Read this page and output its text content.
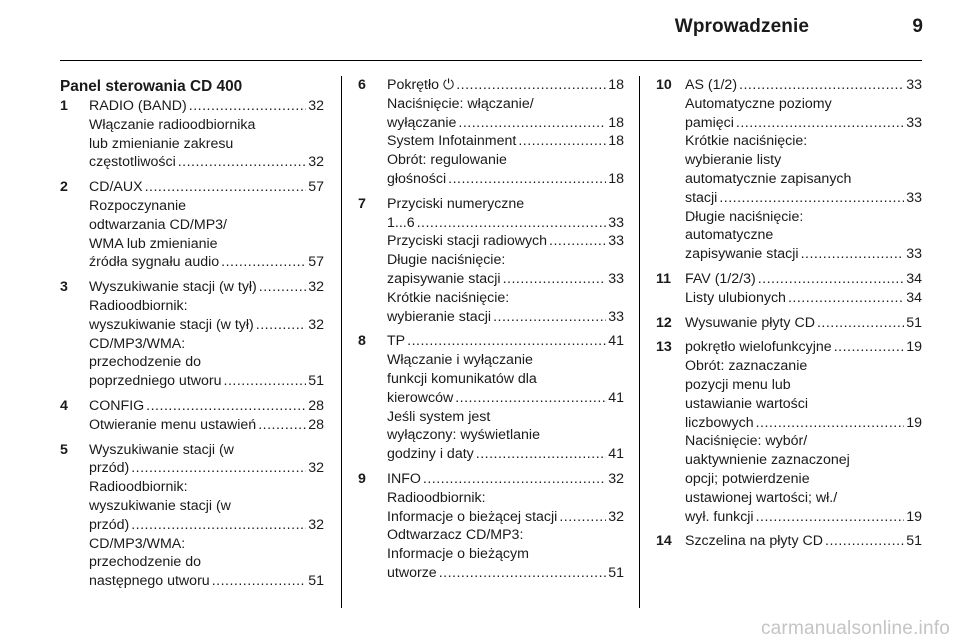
Wprowadzenie	9
Panel sterowania CD 400
1	RADIO (BAND) .....	32
Włączanie radioodbiornika
lub zmienianie zakresu
częstotliwości .....	32
2	CD/AUX .....	57
Rozpoczynanie
odtwarzania CD/MP3/
WMA lub zmienianie
źródła sygnału audio .....	57
3	Wyszukiwanie stacji (w tył) .....	32
Radioodbiornik:
wyszukiwanie stacji (w tył) .....	32
CD/MP3/WMA:
przechodzenie do
poprzedniego utworu .....	51
4	CONFIG .....	28
Otwieranie menu ustawień .....	28
5	Wyszukiwanie stacji (w
przód) .....	32
Radioodbiornik:
wyszukiwanie stacji (w
przód) .....	32
CD/MP3/WMA:
przechodzenie do
następnego utworu .....	51
6	Pokrętło ⏻ .....	18
Naciśnięcie: włączanie/
wyłączanie .....	18
System Infotainment .....	18
Obrót: regulowanie
głośności .....	18
7	Przyciski numeryczne
1...6 .....	33
Przyciski stacji radiowych .....	33
Długie naciśnięcie:
zapisywanie stacji .....	33
Krótkie naciśnięcie:
wybieranie stacji .....	33
8	TP .....	41
Włączanie i wyłączanie
funkcji komunikatów dla
kierowców .....	41
Jeśli system jest
wyłączony: wyświetlanie
godziny i daty .....	41
9	INFO .....	32
Radioodbiornik:
Informacje o bieżącej stacji .....	32
Odtwarzacz CD/MP3:
Informacje o bieżącym
utworze .....	51
10 AS (1/2) .....	33
Automatyczne poziomy
pamięci .....	33
Krótkie naciśnięcie:
wybieranie listy
automatycznie zapisanych
stacji .....	33
Długie naciśnięcie:
automatyczne
zapisywanie stacji .....	33
11 FAV (1/2/3) .....	34
Listy ulubionych .....	34
12 Wysuwanie płyty CD .....	51
13 pokrętło wielofunkcyjne .....	19
Obrót: zaznaczanie
pozycji menu lub
ustawianie wartości
liczbowych .....	19
Naciśnięcie: wybór/
uaktywnienie zaznaczonej
opcji; potwierdzenie
ustawionej wartości; wł./
wył. funkcji .....	19
14 Szczelina na płyty CD .....	51
carmanualsonline.info
